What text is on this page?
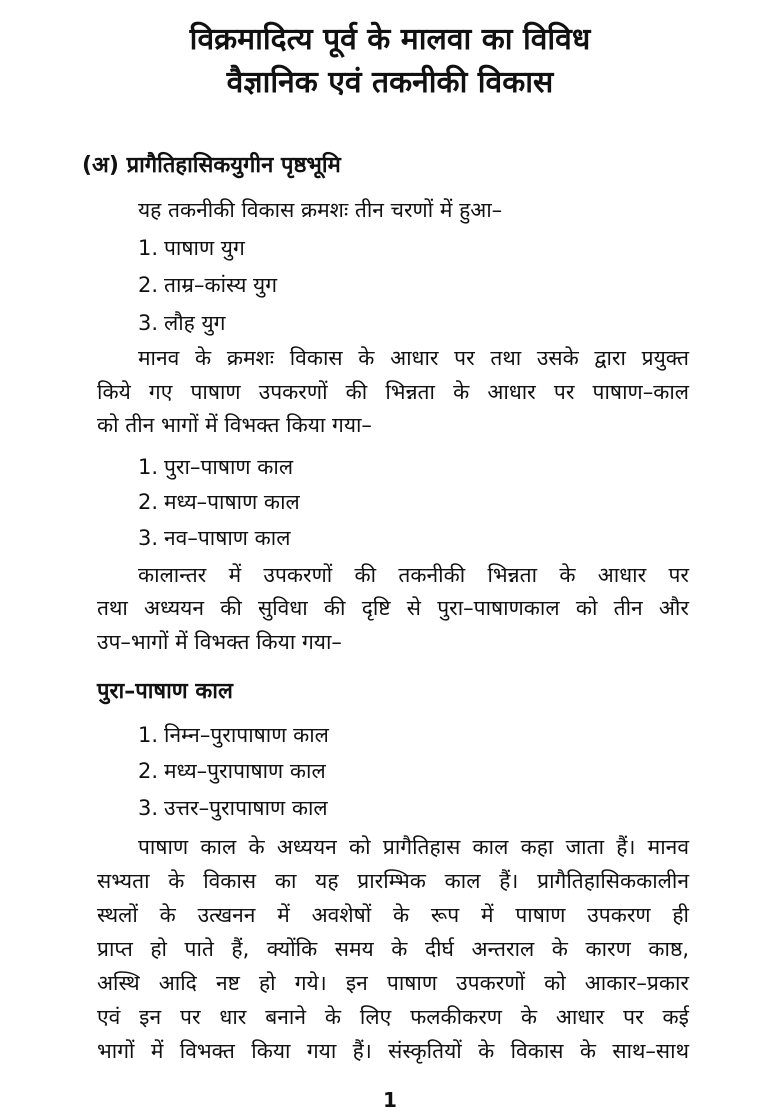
विक्रमादित्य पूर्व के मालवा का विविध
वैज्ञानिक एवं तकनीकी विकास
(अ) प्रागैतिहासिकयुगीन पृष्ठभूमि
यह तकनीकी विकास क्रमशः तीन चरणों में हुआ–
1. पाषाण युग
2. ताम्र–कांस्य युग
3. लौह युग
मानव के क्रमशः विकास के आधार पर तथा उसके द्वारा प्रयुक्त
किये गए पाषाण उपकरणों की भिन्नता के आधार पर पाषाण–काल
को तीन भागों में विभक्त किया गया–
1. पुरा–पाषाण काल
2. मध्य–पाषाण काल
3. नव–पाषाण काल
कालान्तर में उपकरणों की तकनीकी भिन्नता के आधार पर
तथा अध्ययन की सुविधा की दृष्टि से पुरा–पाषाणकाल को तीन और
उप–भागों में विभक्त किया गया–
पुरा–पाषाण काल
1. निम्न–पुरापाषाण काल
2. मध्य–पुरापाषाण काल
3. उत्तर–पुरापाषाण काल
पाषाण काल के अध्ययन को प्रागैतिहास काल कहा जाता हैं। मानव
सभ्यता के विकास का यह प्रारम्भिक काल हैं। प्रागैतिहासिककालीन
स्थलों के उत्खनन में अवशेषों के रूप में पाषाण उपकरण ही
प्राप्त हो पाते हैं, क्योंकि समय के दीर्घ अन्तराल के कारण काष्ठ,
अस्थि आदि नष्ट हो गये। इन पाषाण उपकरणों को आकार–प्रकार
एवं इन पर धार बनाने के लिए फलकीकरण के आधार पर कई
भागों में विभक्त किया गया हैं। संस्कृतियों के विकास के साथ–साथ
1
